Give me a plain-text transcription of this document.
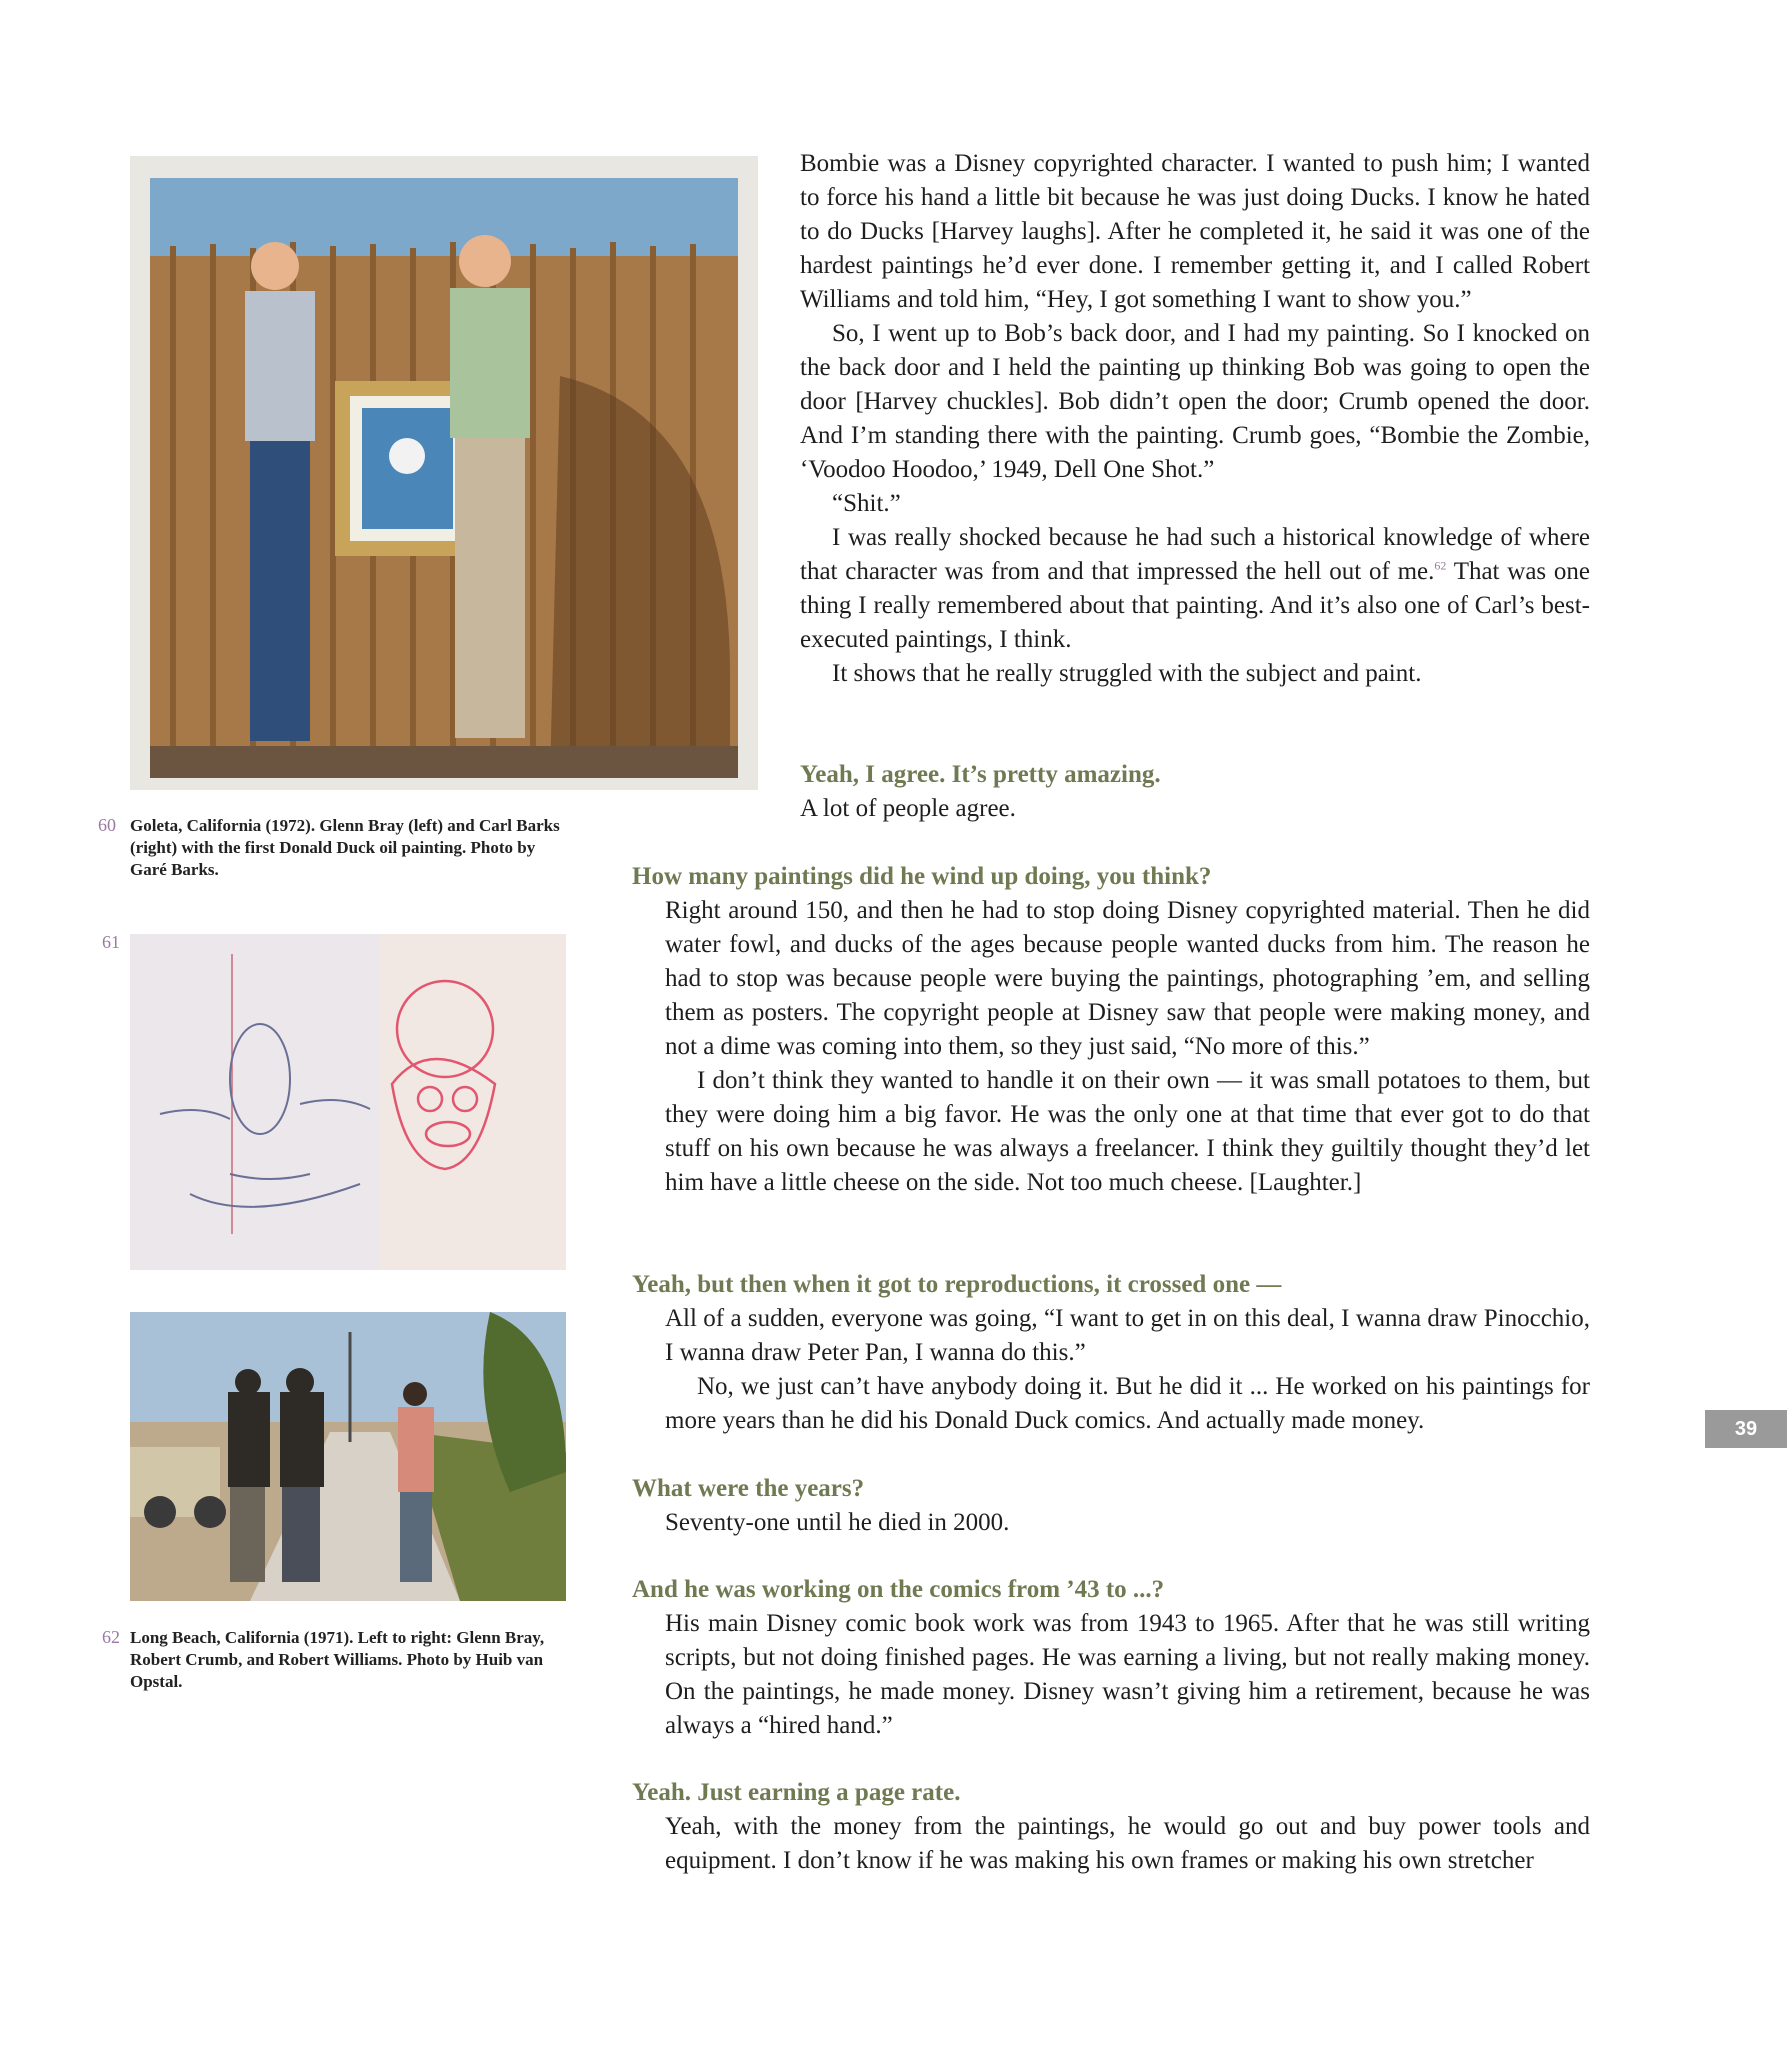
60 Goleta, California (1972). Glenn Bray (left) and Carl Barks (right) with the first Donald Duck oil painting. Photo by Garé Barks.
61
62 Long Beach, California (1971). Left to right: Glenn Bray, Robert Crumb, and Robert Williams. Photo by Huib van Opstal.

Bombie was a Disney copyrighted character. I wanted to push him; I wanted to force his hand a little bit because he was just doing Ducks. I know he hated to do Ducks [Harvey laughs]. After he completed it, he said it was one of the hardest paintings he’d ever done. I remember getting it, and I called Robert Williams and told him, “Hey, I got something I want to show you.”

So, I went up to Bob’s back door, and I had my painting. So I knocked on the back door and I held the painting up thinking Bob was going to open the door [Harvey chuckles]. Bob didn’t open the door; Crumb opened the door. And I’m standing there with the painting. Crumb goes, “Bombie the Zombie, ‘Voodoo Hoodoo,’ 1949, Dell One Shot.”

“Shit.”

I was really shocked because he had such a historical knowledge of where that character was from and that impressed the hell out of me.$^{62}$ That was one thing I really remembered about that painting. And it’s also one of Carl’s best-executed paintings, I think.

It shows that he really struggled with the subject and paint.

Yeah, I agree. It’s pretty amazing.

A lot of people agree.

How many paintings did he wind up doing, you think?

Right around 150, and then he had to stop doing Disney copyrighted material. Then he did water fowl, and ducks of the ages because people wanted ducks from him. The reason he had to stop was because people were buying the paintings, photographing ’em, and selling them as posters. The copyright people at Disney saw that people were making money, and not a dime was coming into them, so they just said, “No more of this.”

I don’t think they wanted to handle it on their own — it was small potatoes to them, but they were doing him a big favor. He was the only one at that time that ever got to do that stuff on his own because he was always a freelancer. I think they guiltily thought they’d let him have a little cheese on the side. Not too much cheese. [Laughter.]

Yeah, but then when it got to reproductions, it crossed one —

All of a sudden, everyone was going, “I want to get in on this deal, I wanna draw Pinocchio, I wanna draw Peter Pan, I wanna do this.”

No, we just can’t have anybody doing it. But he did it ... He worked on his paintings for more years than he did his Donald Duck comics. And actually made money.

What were the years?

Seventy-one until he died in 2000.

And he was working on the comics from ’43 to ...?

His main Disney comic book work was from 1943 to 1965. After that he was still writing scripts, but not doing finished pages. He was earning a living, but not really making money. On the paintings, he made money. Disney wasn’t giving him a retirement, because he was always a “hired hand.”

Yeah. Just earning a page rate.

Yeah, with the money from the paintings, he would go out and buy power tools and equipment. I don’t know if he was making his own frames or making his own stretcher

39
